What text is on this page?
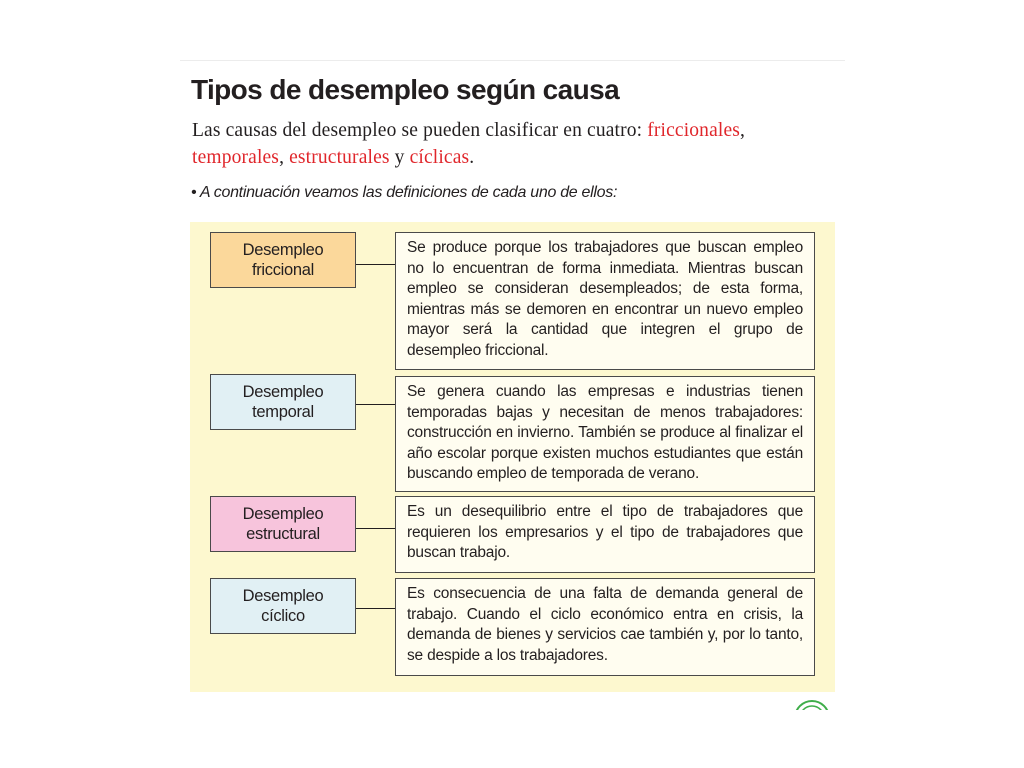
Tipos de desempleo según causa
Las causas del desempleo se pueden clasificar en cuatro: friccionales, temporales, estructurales y cíclicas.
• A continuación veamos las definiciones de cada uno de ellos:
Desempleo
friccional
Se produce porque los trabajadores que buscan empleo no lo encuentran de forma inmediata. Mientras buscan empleo se consideran desempleados; de esta forma, mientras más se demoren en encontrar un nuevo empleo mayor será la cantidad que integren el grupo de desempleo friccional.
Desempleo
temporal
Se genera cuando las empresas e industrias tienen temporadas bajas y necesitan de menos trabajadores: construcción en invierno. También se produce al finalizar el año escolar porque existen muchos estudiantes que están buscando empleo de temporada de verano.
Desempleo
estructural
Es un desequilibrio entre el tipo de trabajadores que requieren los empresarios y el tipo de trabajadores que buscan trabajo.
Desempleo
cíclico
Es consecuencia de una falta de demanda general de trabajo. Cuando el ciclo económico entra en crisis, la demanda de bienes y servicios cae también y, por lo tanto, se despide a los trabajadores.
